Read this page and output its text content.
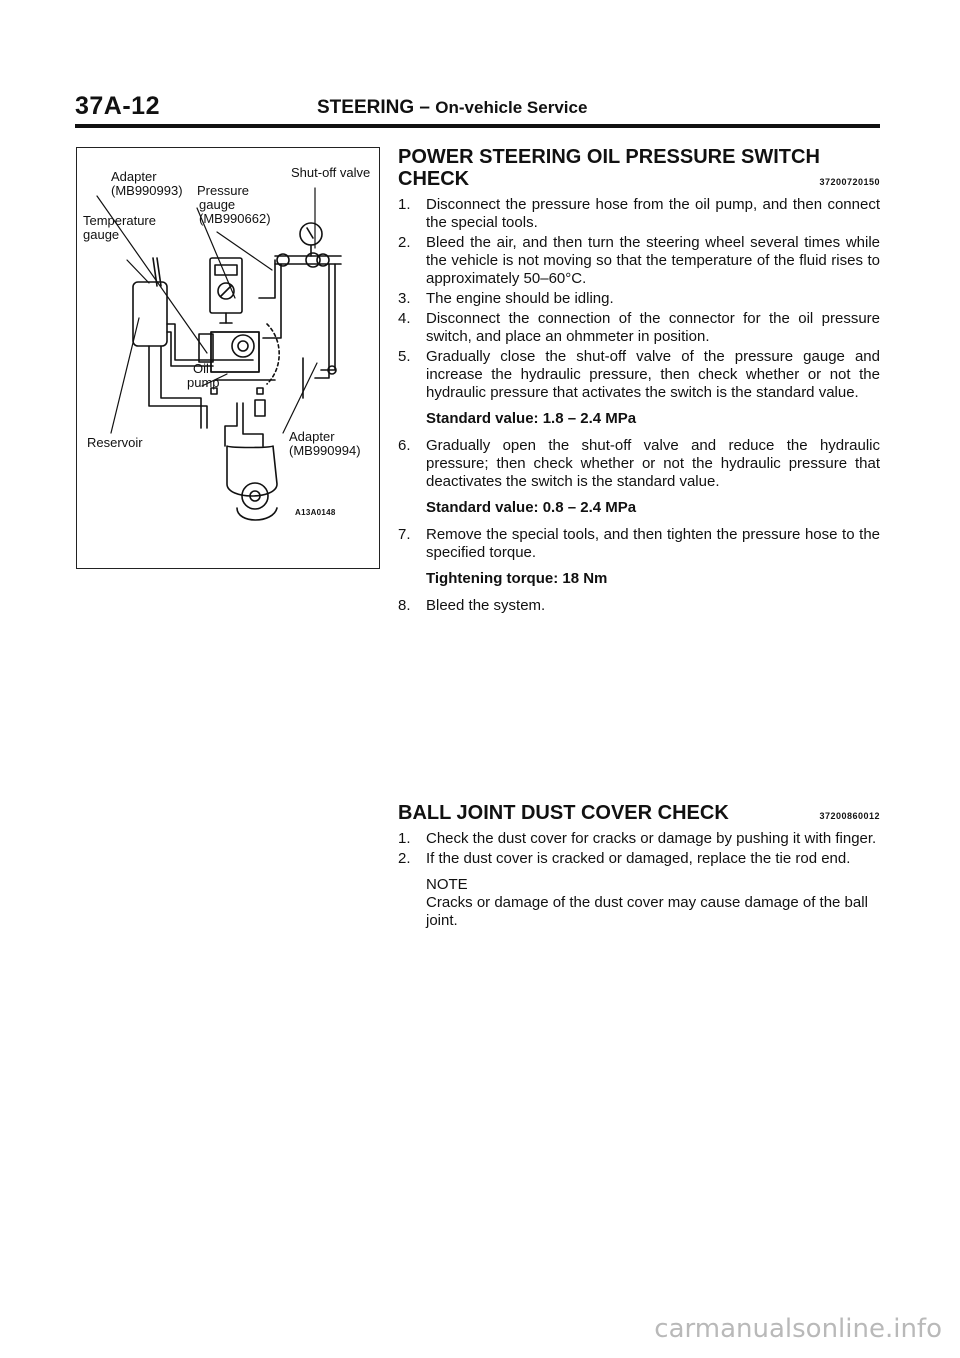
37A-12	STEERING – On-vehicle Service
Adapter
(MB990993) Pressure
gauge
(MB990662)
Temperature
gauge
Shut-off valve
Oil
pump
Reservoir	Adapter
(MB990994)
A13A0148
POWER STEERING OIL PRESSURE SWITCH
CHECK	37200720150
1.	Disconnect the pressure hose from the oil pump, and then connect the special tools.
2.	Bleed the air, and then turn the steering wheel several times while the vehicle is not moving so that the temperature of the fluid rises to approximately 50–60°C.
3.	The engine should be idling.
4.	Disconnect the connection of the connector for the oil pressure switch, and place an ohmmeter in position.
5.	Gradually close the shut-off valve of the pressure gauge and increase the hydraulic pressure, then check whether or not the hydraulic pressure that activates the switch is the standard value.
Standard value: 1.8 – 2.4 MPa
6.	Gradually open the shut-off valve and reduce the hydraulic pressure; then check whether or not the hydraulic pressure that deactivates the switch is the standard value.
Standard value: 0.8 – 2.4 MPa
7.	Remove the special tools, and then tighten the pressure hose to the specified torque.
Tightening torque: 18 Nm
8.	Bleed the system.
BALL JOINT DUST COVER CHECK	37200860012
1.	Check the dust cover for cracks or damage by pushing it with finger.
2.	If the dust cover is cracked or damaged, replace the tie rod end.
NOTE
Cracks or damage of the dust cover may cause damage of the ball joint.
carmanualsonline.info
